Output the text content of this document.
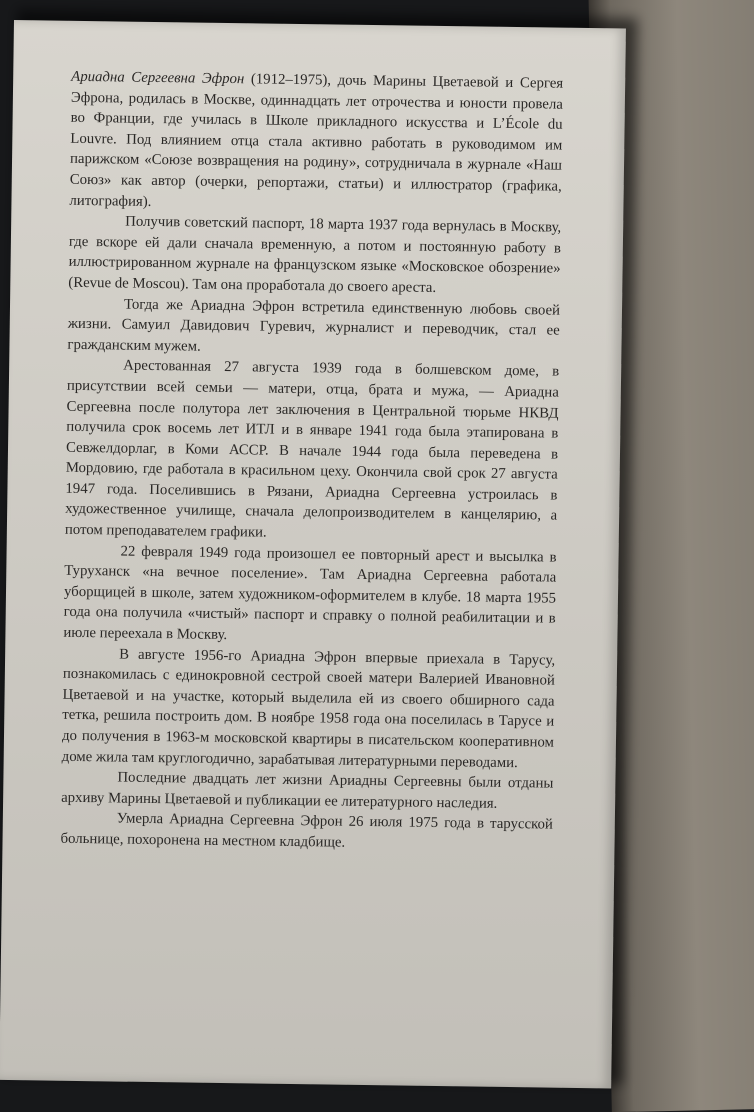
Ариадна Сергеевна Эфрон (1912–1975), дочь Марины Цветаевой и Сергея Эфрона, родилась в Москве, одиннадцать лет отрочества и юности провела во Франции, где училась в Школе прикладного искусства и L’École du Louvre. Под влиянием отца стала активно работать в руководимом им парижском «Союзе возвращения на родину», сотрудничала в журнале «Наш Союз» как автор (очерки, репортажи, статьи) и иллюстратор (графика, литография).

Получив советский паспорт, 18 марта 1937 года вернулась в Москву, где вскоре ей дали сначала временную, а потом и постоянную работу в иллюстрированном журнале на французском языке «Московское обозрение» (Revue de Moscou). Там она проработала до своего ареста.

Тогда же Ариадна Эфрон встретила единственную любовь своей жизни. Самуил Давидович Гуревич, журналист и переводчик, стал ее гражданским мужем.

Арестованная 27 августа 1939 года в болшевском доме, в присутствии всей семьи — матери, отца, брата и мужа, — Ариадна Сергеевна после полутора лет заключения в Центральной тюрьме НКВД получила срок восемь лет ИТЛ и в январе 1941 года была этапирована в Севжелдорлаг, в Коми АССР. В начале 1944 года была переведена в Мордовию, где работала в красильном цеху. Окончила свой срок 27 августа 1947 года. Поселившись в Рязани, Ариадна Сергеевна устроилась в художественное училище, сначала делопроизводителем в канцелярию, а потом преподавателем графики.

22 февраля 1949 года произошел ее повторный арест и высылка в Туруханск «на вечное поселение». Там Ариадна Сергеевна работала уборщицей в школе, затем художником-оформителем в клубе. 18 марта 1955 года она получила «чистый» паспорт и справку о полной реабилитации и в июле переехала в Москву.

В августе 1956-го Ариадна Эфрон впервые приехала в Тарусу, познакомилась с единокровной сестрой своей матери Валерией Ивановной Цветаевой и на участке, который выделила ей из своего обширного сада тетка, решила построить дом. В ноябре 1958 года она поселилась в Тарусе и до получения в 1963-м московской квартиры в писательском кооперативном доме жила там круглогодично, зарабатывая литературными переводами.

Последние двадцать лет жизни Ариадны Сергеевны были отданы архиву Марины Цветаевой и публикации ее литературного наследия.

Умерла Ариадна Сергеевна Эфрон 26 июля 1975 года в тарусской больнице, похоронена на местном кладбище.
